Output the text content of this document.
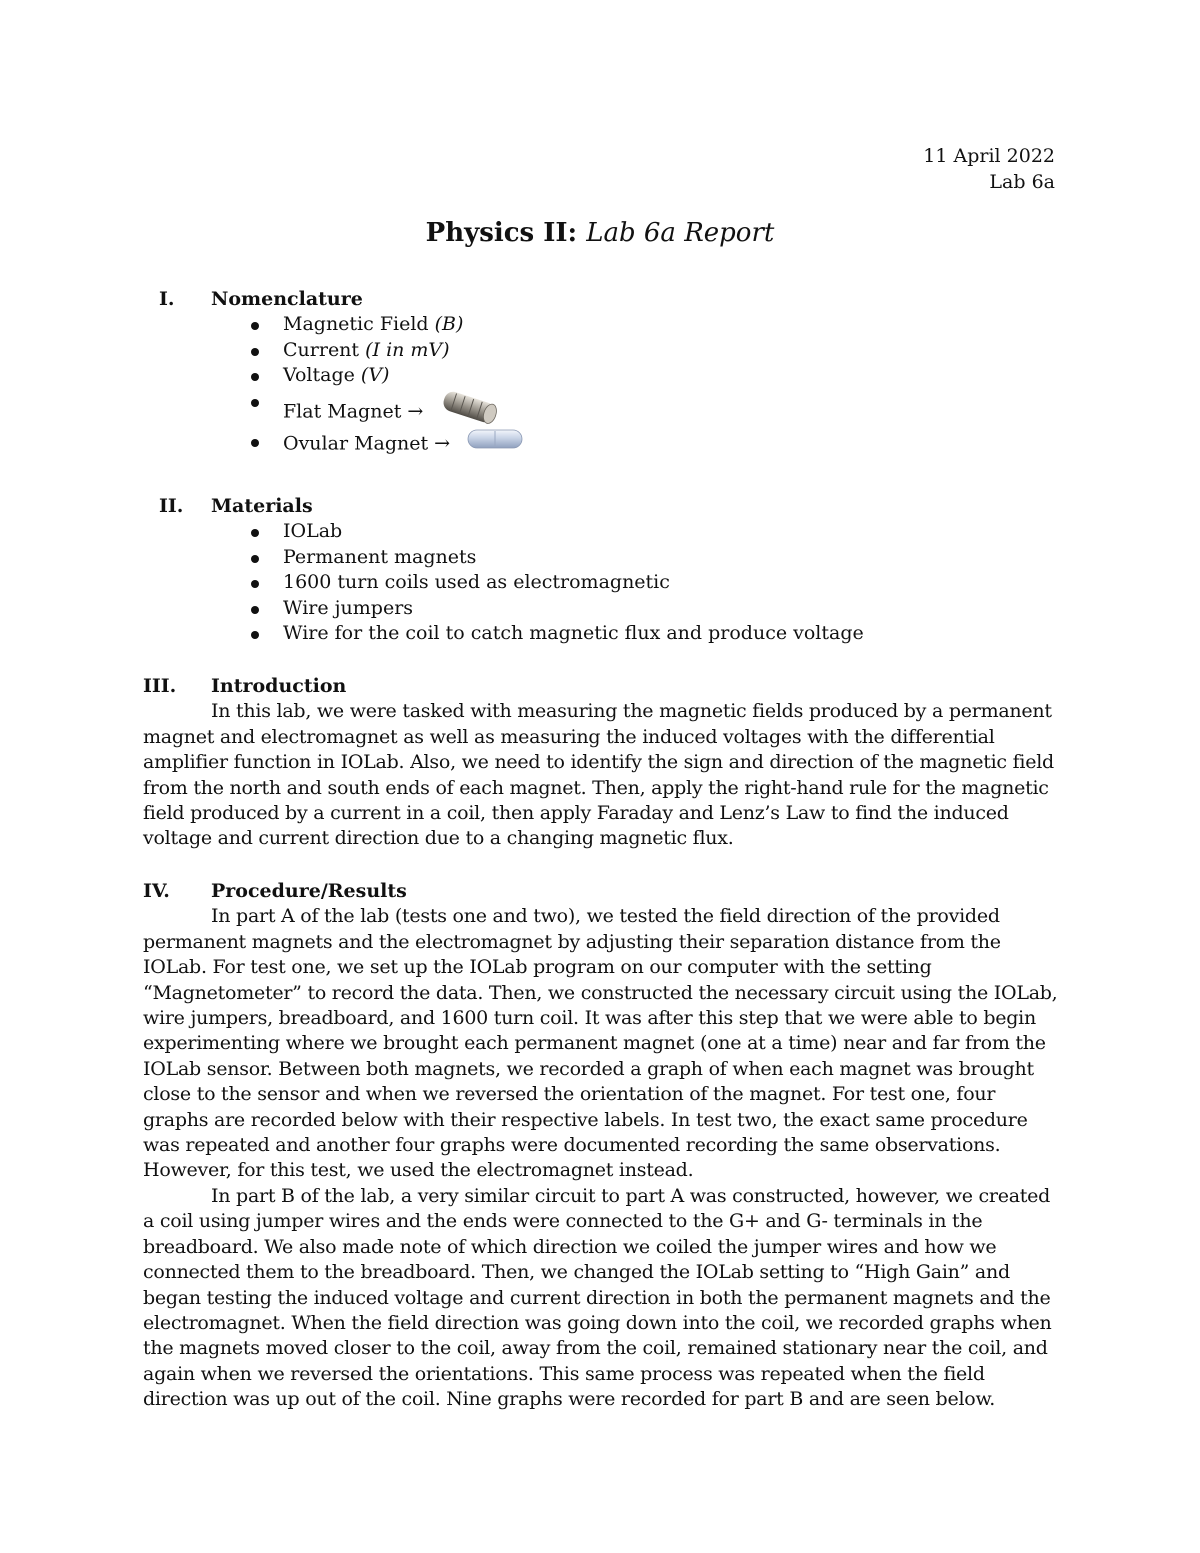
11 April 2022
Lab 6a
Physics II: Lab 6a Report
I.	Nomenclature
Magnetic Field (B)
Current (I in mV)
Voltage (V)
Flat Magnet →
Ovular Magnet →
II.	Materials
IOLab
Permanent magnets
1600 turn coils used as electromagnetic
Wire jumpers
Wire for the coil to catch magnetic flux and produce voltage
III.	Introduction

In this lab, we were tasked with measuring the magnetic fields produced by a permanent magnet and electromagnet as well as measuring the induced voltages with the differential amplifier function in IOLab. Also, we need to identify the sign and direction of the magnetic field from the north and south ends of each magnet. Then, apply the right-hand rule for the magnetic field produced by a current in a coil, then apply Faraday and Lenz’s Law to find the induced voltage and current direction due to a changing magnetic flux.

IV.	Procedure/Results

In part A of the lab (tests one and two), we tested the field direction of the provided permanent magnets and the electromagnet by adjusting their separation distance from the IOLab. For test one, we set up the IOLab program on our computer with the setting “Magnetometer” to record the data. Then, we constructed the necessary circuit using the IOLab, wire jumpers, breadboard, and 1600 turn coil. It was after this step that we were able to begin experimenting where we brought each permanent magnet (one at a time) near and far from the IOLab sensor. Between both magnets, we recorded a graph of when each magnet was brought close to the sensor and when we reversed the orientation of the magnet. For test one, four graphs are recorded below with their respective labels. In test two, the exact same procedure was repeated and another four graphs were documented recording the same observations. However, for this test, we used the electromagnet instead.

In part B of the lab, a very similar circuit to part A was constructed, however, we created a coil using jumper wires and the ends were connected to the G+ and G- terminals in the breadboard. We also made note of which direction we coiled the jumper wires and how we connected them to the breadboard. Then, we changed the IOLab setting to “High Gain” and began testing the induced voltage and current direction in both the permanent magnets and the electromagnet. When the field direction was going down into the coil, we recorded graphs when the magnets moved closer to the coil, away from the coil, remained stationary near the coil, and again when we reversed the orientations. This same process was repeated when the field direction was up out of the coil. Nine graphs were recorded for part B and are seen below.
